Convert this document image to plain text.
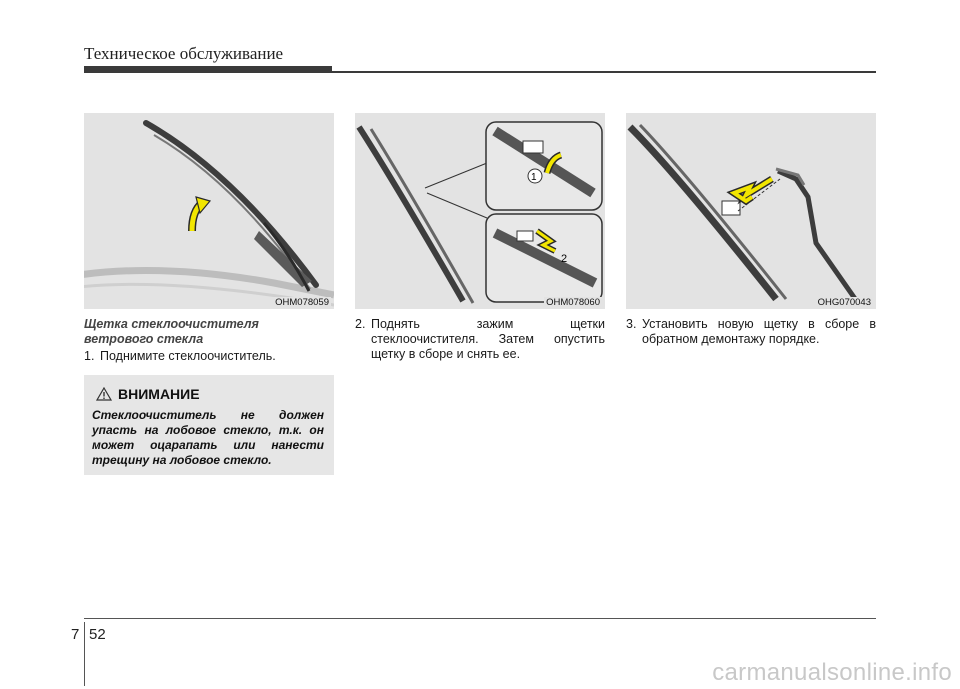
Техническое обслуживание
OHM078059
1
2
OHM078060	OHG070043
Щетка стеклоочистителя
ветрового стекла
1. Поднимите стеклоочиститель.
2. Поднять зажим щетки стеклоочистителя. Затем опустить щетку в сборе и снять ее.
3. Установить новую щетку в сборе в обратном демонтажу порядке.
ВНИМАНИЕ
Стеклоочиститель не должен упасть на лобовое стекло, т.к. он может оцарапать или нанести трещину на лобовое стекло.
7 52
carmanualsonline.info
